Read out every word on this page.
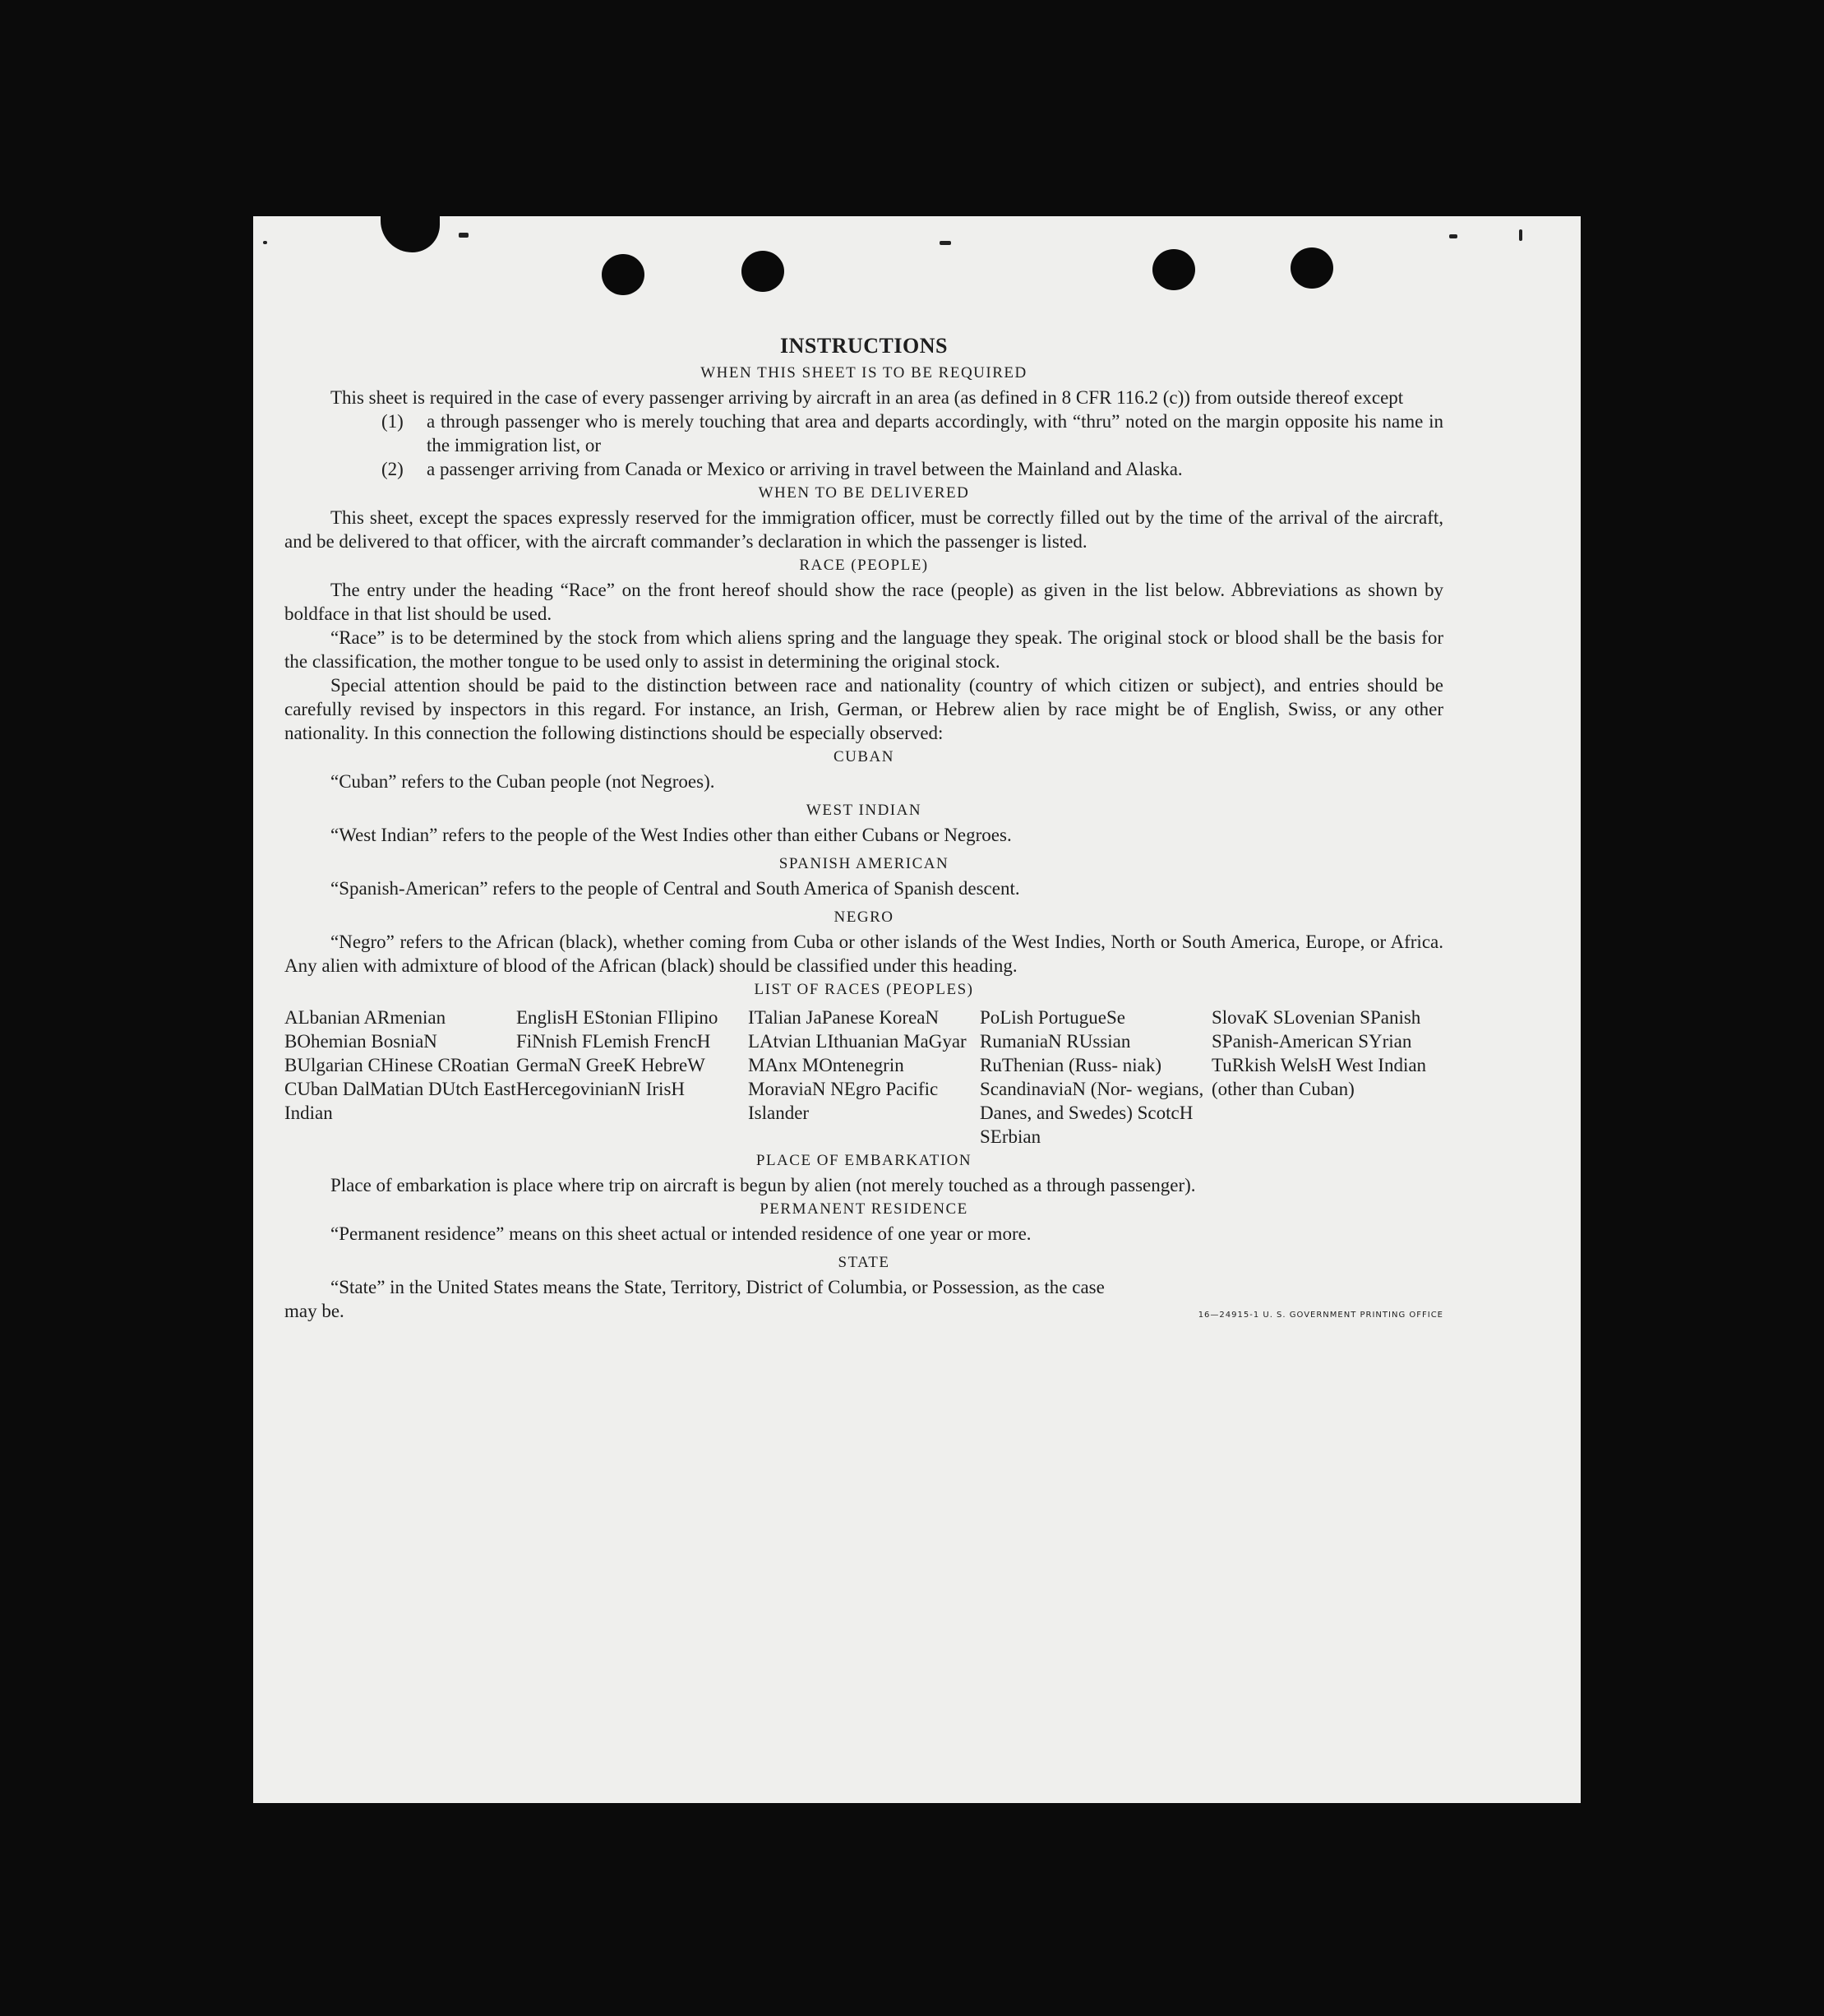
INSTRUCTIONS
WHEN THIS SHEET IS TO BE REQUIRED

This sheet is required in the case of every passenger arriving by aircraft in an area (as defined in 8 CFR 116.2 (c)) from outside thereof except

(1)	a through passenger who is merely touching that area and departs accordingly, with “thru” noted on the margin opposite his name in the immigration list, or
(2)	a passenger arriving from Canada or Mexico or arriving in travel between the Mainland and Alaska.
WHEN TO BE DELIVERED

This sheet, except the spaces expressly reserved for the immigration officer, must be correctly filled out by the time of the arrival of the aircraft, and be delivered to that officer, with the aircraft commander’s declaration in which the passenger is listed.

RACE (PEOPLE)

The entry under the heading “Race” on the front hereof should show the race (people) as given in the list below. Abbreviations as shown by boldface in that list should be used.

“Race” is to be determined by the stock from which aliens spring and the language they speak. The original stock or blood shall be the basis for the classification, the mother tongue to be used only to assist in determining the original stock.

Special attention should be paid to the distinction between race and nationality (country of which citizen or subject), and entries should be carefully revised by inspectors in this regard. For instance, an Irish, German, or Hebrew alien by race might be of English, Swiss, or any other nationality. In this connection the following distinctions should be especially observed:

CUBAN

“Cuban” refers to the Cuban people (not Negroes).

WEST INDIAN

“West Indian” refers to the people of the West Indies other than either Cubans or Negroes.

SPANISH AMERICAN

“Spanish-American” refers to the people of Central and South America of Spanish descent.

NEGRO

“Negro” refers to the African (black), whether coming from Cuba or other islands of the West Indies, North or South America, Europe, or Africa. Any alien with admixture of blood of the African (black) should be classified under this heading.

LIST OF RACES (PEOPLES)
ALbanian ARmenian BOhemian BosniaN BUlgarian CHinese CRoatian CUban DalMatian DUtch East Indian
EnglisH EStonian FIlipino FiNnish FLemish FrencH GermaN GreeK HebreW HercegovinianN IrisH
ITalian JaPanese KoreaN LAtvian LIthuanian MaGyar MAnx MOntenegrin MoraviaN NEgro Pacific Islander
PoLish PortugueSe RumaniaN RUssian RuThenian (Russ- niak) ScandinaviaN (Nor- wegians, Danes, and Swedes) ScotcH SErbian
SlovaK SLovenian SPanish SPanish-American SYrian TuRkish WelsH West Indian (other than Cuban)
PLACE OF EMBARKATION

Place of embarkation is place where trip on aircraft is begun by alien (not merely touched as a through passenger).

PERMANENT RESIDENCE

“Permanent residence” means on this sheet actual or intended residence of one year or more.

STATE

“State” in the United States means the State, Territory, District of Columbia, or Possession, as the case

may be.	16—24915-1 U. S. GOVERNMENT PRINTING OFFICE
